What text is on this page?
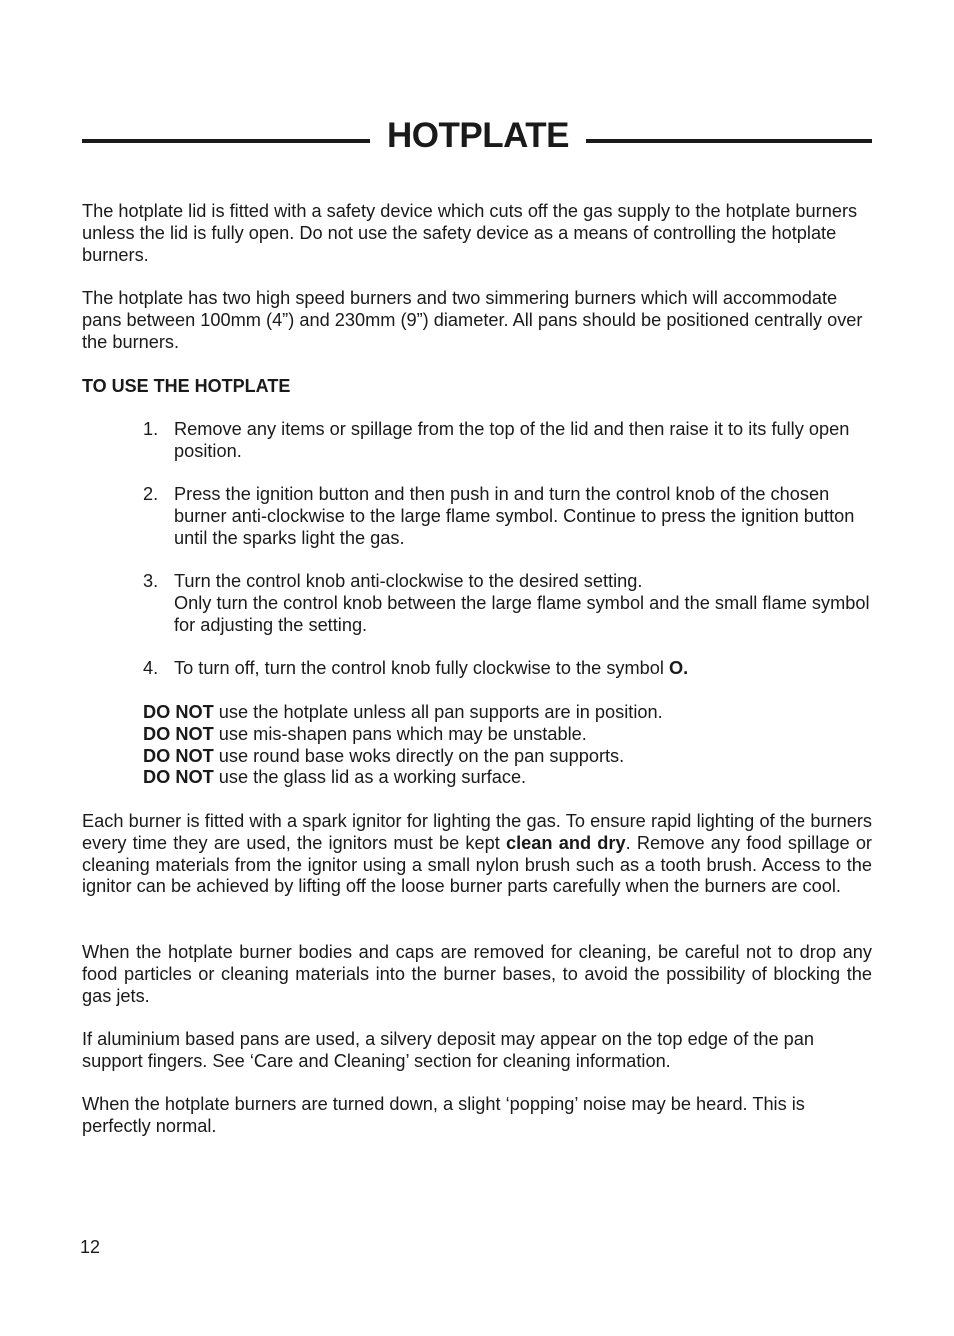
HOTPLATE

The hotplate lid is fitted with a safety device which cuts off the gas supply to the hotplate burners unless the lid is fully open. Do not use the safety device as a means of controlling the hotplate burners.

The hotplate has two high speed burners and two simmering burners which will accommodate pans between 100mm (4”) and 230mm (9”) diameter. All pans should be positioned centrally over the burners.

TO USE THE HOTPLATE

1. Remove any items or spillage from the top of the lid and then raise it to its fully open position.
2. Press the ignition button and then push in and turn the control knob of the chosen burner anti-clockwise to the large flame symbol. Continue to press the ignition button until the sparks light the gas.
3. Turn the control knob anti-clockwise to the desired setting.
Only turn the control knob between the large flame symbol and the small flame symbol for adjusting the setting.
4. To turn off, turn the control knob fully clockwise to the symbol O.
DO NOT use the hotplate unless all pan supports are in position.
DO NOT use mis-shapen pans which may be unstable.
DO NOT use round base woks directly on the pan supports.
DO NOT use the glass lid as a working surface.

Each burner is fitted with a spark ignitor for lighting the gas. To ensure rapid lighting of the burners every time they are used, the ignitors must be kept clean and dry. Remove any food spillage or cleaning materials from the ignitor using a small nylon brush such as a tooth brush. Access to the ignitor can be achieved by lifting off the loose burner parts carefully when the burners are cool.

When the hotplate burner bodies and caps are removed for cleaning, be careful not to drop any food particles or cleaning materials into the burner bases, to avoid the possibility of blocking the gas jets.

If aluminium based pans are used, a silvery deposit may appear on the top edge of the pan support fingers. See ‘Care and Cleaning’ section for cleaning information.

When the hotplate burners are turned down, a slight ‘popping’ noise may be heard. This is perfectly normal.

12
